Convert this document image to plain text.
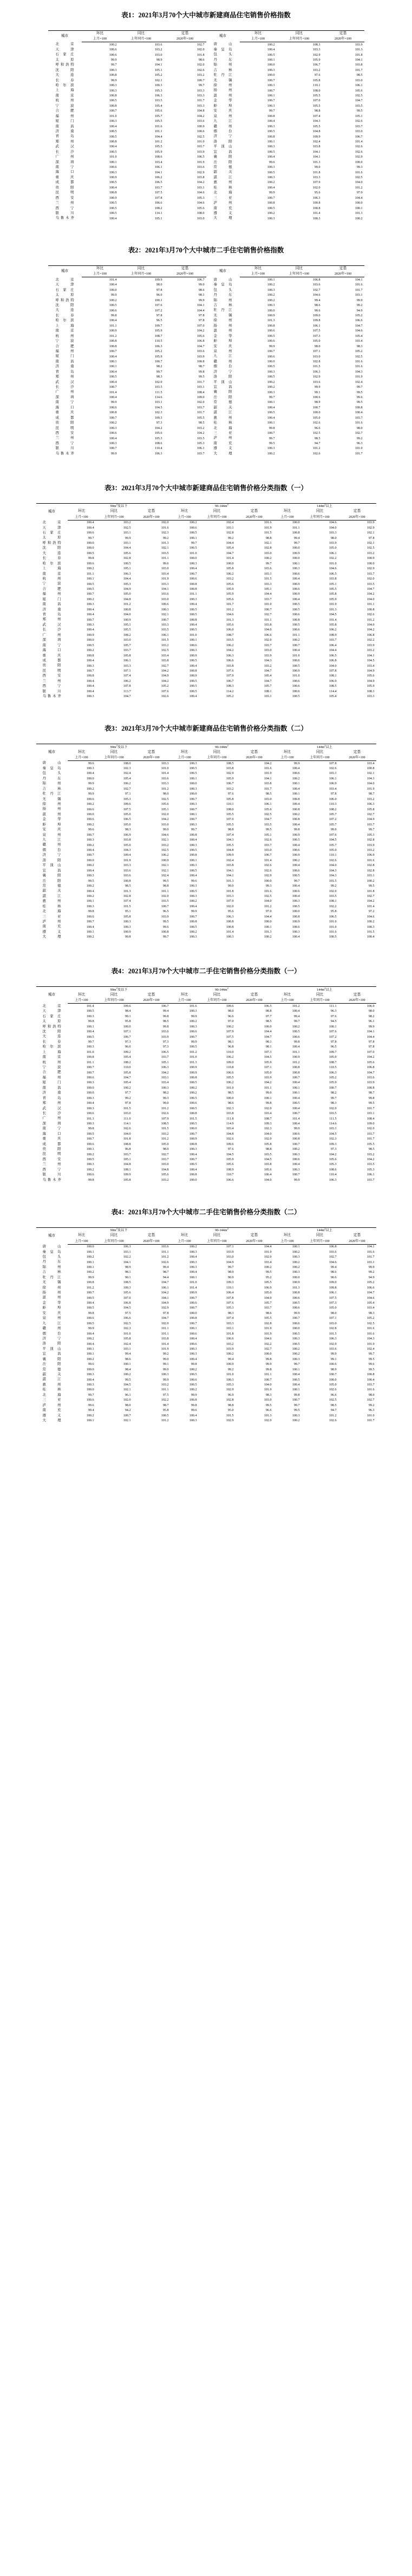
表1：2021年3月70个大中城市新建商品住宅销售价格指数
城市	环比	同比	定基	城市	环比	同比	定基
	上月=100	上年同月=100	2020年=100		上月=100	上年同月=100	2020年=100
北京	100.2	103.6	102.7	唐山	100.2	108.3	103.9
天津	100.6	103.2	102.0	秦皇岛	100.4	103.3	101.3
石家庄	100.6	103.0	101.8	包头	100.5	102.9	101.8
太原	99.9	98.9	98.6	丹东	100.1	105.9	104.1
呼和浩特	99.7	104.1	102.0	锦州	100.0	106.7	103.8
沈阳	100.3	105.1	102.6	吉林	100.3	103.2	101.7
大连	100.8	105.2	103.2	牡丹江	100.0	97.6	98.5
长春	99.9	102.1	100.7	无锡	100.7	105.8	103.0
哈尔滨	100.3	100.3	99.7	徐州	100.3	110.1	106.1
上海	100.3	105.3	103.3	扬州	100.7	108.0	105.6
南京	100.8	106.3	103.3	温州	100.1	105.5	102.5
杭州	100.5	103.5	101.7	金华	100.7	107.0	104.7
宁波	100.8	105.4	103.3	蚌埠	100.3	105.5	103.5
合肥	100.7	105.6	104.8	安庆	99.7	98.8	99.5
福州	101.0	105.7	104.2	泉州	100.8	107.4	105.1
厦门	100.3	105.5	103.6	九江	100.4	104.3	102.6
南昌	100.4	101.6	100.9	赣州	100.3	105.5	103.7
济南	100.5	101.1	100.6	烟台	100.5	104.8	103.0
青岛	100.5	104.4	102.5	济宁	100.8	109.9	106.7
郑州	100.8	101.2	101.0	洛阳	100.1	102.4	101.4
武汉	100.4	105.5	103.7	平顶山	100.3	103.8	102.6
长沙	100.5	105.9	103.9	宜昌	100.5	104.1	102.6
广州	101.0	108.6	106.5	襄阳	100.4	104.1	102.9
深圳	100.1	103.4	101.9	岳阳	99.6	101.3	100.0
南宁	100.6	106.1	103.6	常德	100.3	99.0	99.3
海口	100.3	104.1	102.9	韶关	100.5	101.8	101.6
重庆	100.9	106.2	103.8	湛江	100.3	103.3	102.5
成都	100.5	106.5	104.2	惠州	100.2	107.9	104.0
贵阳	100.4	103.7	103.1	桂林	100.4	102.0	101.2
昆明	100.8	107.5	104.6	北海	99.9	95.6	97.0
西安	100.9	107.8	105.3	三亚	100.7	106.3	104.4
兰州	100.5	106.6	104.6	泸州	100.8	100.8	100.0
西宁	100.5	108.2	105.6	南充	100.5	100.8	100.1
银川	100.5	114.1	108.0	遵义	100.2	101.4	101.3
乌鲁木齐	100.4	105.1	103.0	大理	100.3	100.3	100.2
表2：2021年3月70个大中城市二手住宅销售价格指数
城市	环比	同比	定基	城市	环比	同比	定基
	上月=100	上年同月=100	2020年=100		上月=100	上年同月=100	2020年=100
北京	101.4	109.9	106.7	唐山	100.1	106.8	104.1
天津	100.4	98.0	99.0	秦皇岛	100.2	103.6	101.6
石家庄	100.0	97.8	98.6	包头	100.3	102.7	101.7
太原	99.9	96.0	98.1	丹东	100.2	104.6	103.1
呼和浩特	100.2	100.1	99.9	锦州	100.2	99.4	99.9
沈阳	100.5	107.6	104.1	吉林	100.3	98.6	99.2
大连	100.6	107.2	104.4	牡丹江	100.0	90.6	94.9
长春	99.8	97.8	97.8	无锡	100.9	109.0	105.2
哈尔滨	100.4	96.5	97.8	徐州	101.3	109.8	106.6
上海	101.1	109.7	107.0	扬州	100.8	106.1	104.7
南京	100.9	105.9	104.2	温州	100.6	107.5	104.6
杭州	101.2	108.7	105.6	金华	100.5	107.3	105.4
宁波	100.8	110.5	106.8	蚌埠	100.6	105.0	103.4
合肥	100.8	106.3	104.7	安庆	99.9	98.0	98.3
福州	100.7	105.2	103.6	泉州	100.7	107.1	105.2
厦门	100.4	105.9	103.9	九江	100.6	103.0	102.5
南昌	100.1	100.7	100.8	赣州	100.0	102.8	101.6
济南	100.1	98.2	98.7	烟台	100.5	101.5	101.6
青岛	100.4	99.7	99.8	济宁	100.3	106.3	104.3
郑州	100.5	98.3	99.5	洛阳	100.5	102.9	101.9
武汉	100.4	102.0	101.7	平顶山	100.2	103.6	102.4
长沙	100.7	103.5	103.1	宜昌	100.2	99.9	99.7
广州	101.4	111.5	108.4	襄阳	100.3	99.1	99.5
深圳	100.4	114.6	109.0	岳阳	99.7	100.6	99.6
南宁	99.9	103.1	102.0	常德	100.1	98.9	99.5
海口	100.6	104.5	103.7	韶关	100.4	100.7	100.8
重庆	100.8	102.3	101.7	湛江	100.5	100.0	100.4
成都	100.7	109.3	105.5	惠州	100.4	105.0	103.7
贵阳	100.2	97.3	98.5	桂林	100.1	102.6	101.6
昆明	100.3	104.2	103.2	北海	99.8	96.6	98.0
西安	100.6	105.6	104.2	三亚	100.7	102.5	102.7
兰州	100.4	105.3	103.5	泸州	99.7	98.5	99.2
西宁	100.3	108.6	105.3	南充	99.5	94.7	96.3
银川	100.7	110.4	106.1	遵义	100.3	101.2	101.0
乌鲁木齐	99.9	106.3	103.7	大理	100.2	102.6	101.7
表3：2021年3月70个大中城市新建商品住宅销售价格分类指数（一）
城市	$90m^2$及以下			$90-144m^2$			$144m^2$以上		
	环比	同比	定基	环比	同比	定基	环比	同比	定基
	上月=100	上年同月=100	2020年=100	上月=100	上年同月=100	2020年=100	上月=100	上年同月=100	2020年=100
北京	100.4	103.2	102.0	100.2	102.4	101.6	100.0	104.6	103.9
天津	100.4	102.5	101.6	100.6	103.1	101.9	101.1	104.0	102.9
石家庄	100.6	103.1	102.3	100.5	102.8	101.5	100.8	103.3	102.1
太原	99.7	99.9	99.2	100.1	99.2	98.8	99.4	98.0	97.8
呼和浩特	100.0	103.1	101.3	99.7	104.4	102.1	99.7	103.9	102.1
沈阳	100.0	104.4	102.1	100.5	105.4	102.8	100.0	105.0	102.5
大连	100.5	105.6	103.5	101.0	104.7	103.0	100.9	106.1	103.2
长春	99.8	102.8	101.1	100.0	101.4	100.2	100.0	102.2	100.9
哈尔滨	100.6	100.5	99.6	100.3	100.0	99.7	100.1	101.0	100.0
上海	100.2	105.1	103.0	100.4	105.8	103.6	100.3	104.6	102.9
南京	101.1	106.3	103.4	100.7	106.2	103.1	100.6	106.5	103.7
杭州	100.1	104.4	101.9	100.6	103.2	101.5	100.4	103.8	102.0
宁波	100.5	105.3	103.3	100.8	105.6	103.3	100.9	105.1	103.5
合肥	100.5	104.9	104.1	100.8	105.9	105.1	100.6	105.5	104.7
福州	100.7	105.0	103.6	101.1	105.9	104.4	100.9	105.8	104.2
厦门	100.2	104.8	103.0	100.3	105.6	103.7	100.4	105.9	104.0
南昌	100.3	101.2	100.6	100.4	101.7	101.0	100.5	101.9	101.1
济南	100.4	100.8	100.3	100.5	101.2	100.7	100.5	101.3	100.8
青岛	100.4	104.0	102.1	100.5	104.6	102.7	100.6	104.5	102.6
郑州	100.7	100.9	100.7	100.8	101.3	101.1	100.8	101.4	101.2
武汉	100.3	105.1	103.3	100.4	105.6	103.8	100.5	105.8	104.0
长沙	100.4	105.5	103.5	100.5	106.0	104.0	100.6	106.2	104.2
广州	100.9	108.2	106.1	101.0	108.7	106.6	101.1	108.9	106.8
深圳	100.0	103.0	101.5	100.1	103.5	102.0	100.2	103.7	102.2
南宁	100.5	105.7	103.2	100.6	106.2	103.7	100.7	106.4	103.9
海口	100.2	103.7	102.5	100.3	104.2	103.0	100.4	104.4	103.2
重庆	100.8	105.8	103.4	100.9	106.3	103.9	101.0	106.5	104.1
成都	100.4	106.1	103.8	100.5	106.6	104.3	100.6	106.8	104.5
贵阳	100.3	103.3	102.7	100.4	103.8	103.2	100.5	104.0	103.4
昆明	100.7	107.1	104.2	100.8	107.6	104.7	100.9	107.8	104.9
西安	100.8	107.4	104.9	100.9	107.9	105.4	101.0	108.1	105.6
兰州	100.4	106.2	104.2	100.5	106.7	104.7	100.6	106.9	104.9
西宁	100.4	107.8	105.2	100.5	108.3	105.7	100.6	108.5	105.9
银川	100.4	113.7	107.6	100.5	114.2	108.1	100.6	114.4	108.3
乌鲁木齐	100.3	104.7	102.6	100.4	105.2	103.1	100.5	105.4	103.3
表3：2021年3月70个大中城市新建商品住宅销售价格分类指数（二）
城市	$90m^2$及以下			$90-144m^2$			$144m^2$以上		
	环比	同比	定基	环比	同比	定基	环比	同比	定基
	上月=100	上年同月=100	2020年=100	上月=100	上年同月=100	2020年=100	上月=100	上年同月=100	2020年=100
唐山	99.6	108.0	103.3	100.3	108.5	104.2	99.9	107.8	103.4
秦皇岛	100.3	102.3	101.0	100.5	103.8	101.6	100.4	102.6	100.8
包头	100.4	102.4	101.4	100.5	102.9	101.9	100.6	103.1	102.1
丹东	100.0	105.4	103.6	100.1	105.9	104.1	100.2	106.1	104.3
锦州	99.9	106.2	103.3	100.0	106.7	103.8	100.1	106.9	104.0
吉林	100.2	102.7	101.2	100.3	103.2	101.7	100.4	103.4	101.9
牡丹江	99.9	97.1	98.0	100.0	97.6	98.5	100.1	97.8	98.7
无锡	100.6	105.3	102.5	100.7	105.8	103.0	100.8	106.0	103.2
徐州	100.2	109.6	105.6	100.3	110.1	106.1	100.4	110.3	106.3
扬州	100.6	107.5	105.1	100.7	108.0	105.6	100.8	108.2	105.8
温州	100.0	105.0	102.0	100.1	105.5	102.5	100.2	105.7	102.7
金华	100.6	106.5	104.2	100.7	107.0	104.7	100.8	107.2	104.9
蚌埠	100.2	105.0	103.0	100.3	105.5	103.5	100.4	105.7	103.7
安庆	99.6	98.3	99.0	99.7	98.8	99.5	99.8	99.0	99.7
泉州	100.7	106.9	104.6	100.8	107.4	105.1	100.9	107.6	105.3
九江	100.3	103.8	102.1	100.4	104.3	102.6	100.5	104.5	102.8
赣州	100.2	105.0	103.2	100.3	105.5	103.7	100.4	105.7	103.9
烟台	100.4	104.3	102.5	100.5	104.8	103.0	100.6	105.0	103.2
济宁	100.7	109.4	106.2	100.8	109.9	106.7	100.9	110.1	106.9
洛阳	100.0	101.9	100.9	100.1	102.4	101.4	100.2	102.6	101.6
平顶山	100.2	103.3	102.1	100.3	103.8	102.6	100.4	104.0	102.8
宜昌	100.4	103.6	102.1	100.5	104.1	102.6	100.6	104.3	102.8
襄阳	100.3	103.6	102.4	100.4	104.1	102.9	100.5	104.3	103.1
岳阳	99.5	100.8	99.5	99.6	101.3	100.0	99.7	101.5	100.2
常德	100.2	98.5	98.8	100.3	99.0	99.3	100.4	99.2	99.5
韶关	100.4	101.3	101.1	100.5	101.8	101.6	100.6	102.0	101.8
湛江	100.2	102.8	102.0	100.3	103.3	102.5	100.4	103.5	102.7
惠州	100.1	107.4	103.5	100.2	107.9	104.0	100.3	108.1	104.2
桂林	100.3	101.5	100.7	100.4	102.0	101.2	100.5	102.2	101.4
北海	99.8	95.1	96.5	99.9	95.6	97.0	100.0	95.8	97.2
三亚	100.6	105.8	103.9	100.7	106.3	104.4	100.8	106.5	104.6
泸州	100.7	100.3	99.5	100.8	100.8	100.0	100.9	101.0	100.2
南充	100.4	100.3	99.6	100.5	100.8	100.1	100.6	101.0	100.3
遵义	100.1	100.9	100.8	100.2	101.4	101.3	100.3	101.6	101.5
大理	100.2	99.8	99.7	100.3	100.3	100.2	100.4	100.5	100.4
表4：2021年3月70个大中城市二手住宅销售价格分类指数（一）
城市	$90m^2$及以下			$90-144m^2$			$144m^2$以上		
	环比	同比	定基	环比	同比	定基	环比	同比	定基
	上月=100	上年同月=100	2020年=100	上月=100	上年同月=100	2020年=100	上月=100	上年同月=100	2020年=100
北京	101.4	109.6	106.7	101.6	109.6	106.5	101.2	111.1	106.9
天津	100.5	98.4	99.4	100.3	98.0	98.8	100.4	96.3	98.0
石家庄	100.3	99.1	99.8	99.9	96.6	97.7	99.4	97.6	98.2
太原	99.8	95.8	98.5	100.2	97.0	98.5	99.7	94.5	96.1
呼和浩特	100.1	100.0	99.8	100.3	100.2	100.0	100.2	100.1	99.9
沈阳	100.4	107.1	103.6	100.6	107.9	104.4	100.5	107.6	104.1
大连	100.5	106.7	103.9	100.7	107.5	104.7	100.6	107.2	104.4
长春	99.7	97.3	97.3	99.9	98.1	98.1	99.8	97.8	97.8
哈尔滨	100.3	96.0	97.3	100.5	96.8	98.1	100.4	96.5	97.8
上海	101.0	109.2	106.5	101.2	110.0	107.3	101.1	109.7	107.0
南京	100.8	105.4	103.7	101.0	106.2	104.5	100.9	105.9	104.2
杭州	101.1	108.2	105.1	101.3	109.0	105.9	101.2	108.7	105.6
宁波	100.7	110.0	106.3	100.9	110.8	107.1	100.8	110.5	106.8
合肥	100.7	105.8	104.2	100.9	106.6	105.0	100.8	106.3	104.7
福州	100.6	104.7	103.1	100.8	105.5	103.9	100.7	105.2	103.6
厦门	100.3	105.4	103.4	100.5	106.2	104.2	100.4	105.9	103.9
南昌	100.0	100.2	100.3	100.2	101.0	101.1	100.1	100.7	100.8
济南	100.0	97.7	98.2	100.2	98.5	99.0	100.1	98.2	98.7
青岛	100.3	99.2	99.3	100.5	100.0	100.1	100.4	99.7	99.8
郑州	100.4	97.8	99.0	100.6	98.6	99.8	100.5	98.3	99.5
武汉	100.3	101.5	101.2	100.5	102.3	102.0	100.4	102.0	101.7
长沙	100.6	103.0	102.6	100.8	103.8	103.4	100.7	103.5	103.1
广州	101.3	111.0	107.9	101.5	111.8	108.7	101.4	111.5	108.4
深圳	100.3	114.1	108.5	100.5	114.9	109.3	100.4	114.6	109.0
南宁	99.8	102.6	101.5	100.0	103.4	102.3	99.9	103.1	102.0
海口	100.5	104.0	103.2	100.7	104.8	104.0	100.6	104.5	103.7
重庆	100.7	101.8	101.2	100.9	102.6	102.0	100.8	102.3	101.7
成都	100.6	108.8	105.0	100.8	109.6	105.8	100.7	109.3	105.5
贵阳	100.1	96.8	98.0	100.3	97.6	98.8	100.2	97.3	98.5
昆明	100.2	103.7	102.7	100.4	104.5	103.5	100.3	104.2	103.2
西安	100.5	105.1	103.7	100.7	105.9	104.5	100.6	105.6	104.2
兰州	100.3	104.8	103.0	100.5	105.6	103.8	100.4	105.3	103.5
西宁	100.2	108.1	104.8	100.4	108.9	105.6	100.3	108.6	105.3
银川	100.6	109.9	105.6	100.8	110.7	106.4	100.7	110.4	106.1
乌鲁木齐	99.8	105.8	103.2	100.0	106.6	104.0	99.9	106.3	103.7
表4：2021年3月70个大中城市二手住宅销售价格分类指数（二）
城市	$90m^2$及以下			$90-144m^2$			$144m^2$以上		
	环比	同比	定基	环比	同比	定基	环比	同比	定基
	上月=100	上年同月=100	2020年=100	上月=100	上年同月=100	2020年=100	上月=100	上年同月=100	2020年=100
唐山	100.0	106.3	103.6	100.2	107.1	104.4	100.1	106.8	104.1
秦皇岛	100.1	103.1	101.1	100.3	103.9	101.9	100.2	103.6	101.6
包头	100.2	102.2	101.2	100.4	103.0	102.0	100.3	102.7	101.7
丹东	100.1	104.1	102.6	100.3	104.9	103.4	100.2	104.6	103.1
锦州	100.1	98.9	99.4	100.3	99.7	100.2	100.2	99.4	99.9
吉林	100.2	98.1	98.7	100.4	98.9	99.5	100.3	98.6	99.2
牡丹江	99.9	90.1	94.4	100.1	90.9	95.2	100.0	90.6	94.9
无锡	100.8	108.5	104.7	101.0	109.3	105.5	100.9	109.0	105.2
徐州	101.2	109.3	106.1	101.4	110.1	106.9	101.3	109.8	106.6
扬州	100.7	105.6	104.2	100.9	106.4	105.0	100.8	106.1	104.7
温州	100.5	107.0	104.1	100.7	107.8	104.9	100.6	107.5	104.6
金华	100.4	106.8	104.9	100.6	107.6	105.7	100.5	107.3	105.4
蚌埠	100.5	104.5	102.9	100.7	105.3	103.7	100.6	105.0	103.4
安庆	99.8	97.5	97.8	100.0	98.3	98.6	99.9	98.0	98.3
泉州	100.6	106.6	104.7	100.8	107.4	105.5	100.7	107.1	105.2
九江	100.5	102.5	102.0	100.7	103.3	102.8	100.6	103.0	102.5
赣州	99.9	102.3	101.1	100.1	103.1	101.9	100.0	102.8	101.6
烟台	100.4	101.0	101.1	100.6	101.8	101.9	100.5	101.5	101.6
济宁	100.2	105.8	103.8	100.4	106.6	104.6	100.3	106.3	104.3
洛阳	100.4	102.4	101.4	100.6	103.2	102.2	100.5	102.9	101.9
平顶山	100.1	103.1	101.9	100.3	103.9	102.7	100.2	103.6	102.4
宜昌	100.1	99.4	99.2	100.3	100.2	100.0	100.2	99.9	99.7
襄阳	100.2	98.6	99.0	100.4	99.4	99.8	100.3	99.1	99.5
岳阳	99.6	100.1	99.1	99.8	100.9	99.9	99.7	100.6	99.6
常德	100.0	98.4	99.0	100.2	99.2	99.8	100.1	98.9	99.5
韶关	100.3	100.2	100.3	100.5	101.0	101.1	100.4	100.7	100.8
湛江	100.4	99.5	99.9	100.6	100.3	100.7	100.5	100.0	100.4
惠州	100.3	104.5	103.2	100.5	105.3	104.0	100.4	105.0	103.7
桂林	100.0	102.1	101.1	100.2	102.9	101.9	100.1	102.6	101.6
北海	99.7	96.1	97.5	99.9	96.9	98.3	99.8	96.6	98.0
三亚	100.6	102.0	102.2	100.8	102.8	103.0	100.7	102.5	102.7
泸州	99.6	98.0	98.7	99.8	98.8	99.5	99.7	98.5	99.2
南充	99.4	94.2	95.8	99.6	95.0	96.6	99.5	94.7	96.3
遵义	100.2	100.7	100.5	100.4	101.5	101.3	100.3	101.2	101.0
大理	100.1	102.1	101.2	100.3	102.9	102.0	100.2	102.6	101.7
